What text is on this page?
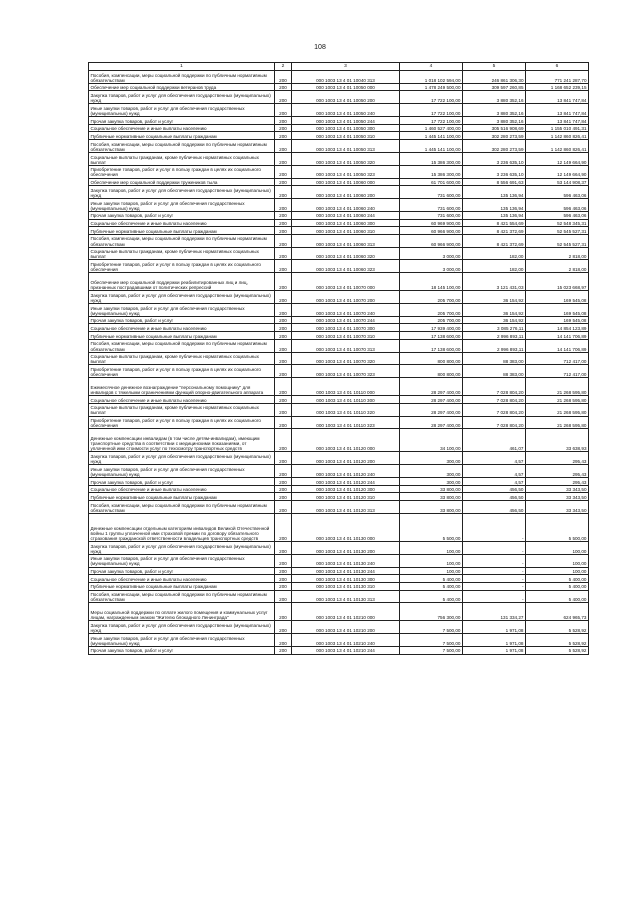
108
1	2	3	4	5	6
Пособия, компенсации, меры социальной поддержки по публичным нормативным обязательствам	200	000 1003 13 4 01 10040 313	1 018 102 594,00	246 861 306,30	771 241 287,70
Обеспечение мер социальной поддержки ветеранов труда	200	000 1003 13 4 01 10050 000	1 478 249 500,00	309 597 260,85	1 168 652 239,15
Закупка товаров, работ и услуг для обеспечения государственных (муниципальных) нужд	200	000 1003 13 4 01 10050 200	17 722 100,00	3 880 352,16	13 841 747,84
Иные закупки товаров, работ и услуг для обеспечения государственных (муниципальных) нужд	200	000 1003 13 4 01 10050 240	17 722 100,00	3 880 352,16	13 841 747,84
Прочая закупка товаров, работ и услуг	200	000 1003 13 4 01 10050 244	17 722 100,00	3 880 352,16	13 841 747,84
Социальное обеспечение и иные выплаты населению	200	000 1003 13 4 01 10050 300	1 460 527 400,00	305 516 908,69	1 155 010 491,31
Публичные нормативные социальные выплаты гражданам	200	000 1003 13 4 01 10050 310	1 445 141 100,00	302 280 273,59	1 142 860 826,41
Пособия, компенсации, меры социальной поддержки по публичным нормативным обязательствам	200	000 1003 13 4 01 10050 313	1 445 141 100,00	302 280 273,59	1 142 860 826,41
Социальные выплаты гражданам, кроме публичных нормативных социальных выплат	200	000 1003 13 4 01 10050 320	15 386 300,00	3 236 635,10	12 149 664,90
Приобретение товаров, работ и услуг в пользу граждан в целях их социального обеспечения	200	000 1003 13 4 01 10050 323	15 386 300,00	3 236 635,10	12 149 664,90
Обеспечение мер социальной поддержки тружеников тыла	200	000 1003 13 4 01 10060 000	61 701 600,00	8 556 691,63	53 144 908,37
Закупка товаров, работ и услуг для обеспечения государственных (муниципальных) нужд	200	000 1003 13 4 01 10060 200	731 600,00	135 136,94	596 463,06
Иные закупки товаров, работ и услуг для обеспечения государственных (муниципальных) нужд	200	000 1003 13 4 01 10060 240	731 600,00	135 136,94	596 463,06
Прочая закупка товаров, работ и услуг	200	000 1003 13 4 01 10060 244	731 600,00	135 136,94	596 463,06
Социальное обеспечение и иные выплаты населению	200	000 1003 13 4 01 10060 300	60 969 900,00	8 421 554,69	52 548 345,31
Публичные нормативные социальные выплаты гражданам	200	000 1003 13 4 01 10060 310	60 966 900,00	8 421 372,69	52 545 527,31
Пособия, компенсации, меры социальной поддержки по публичным нормативным обязательствам	200	000 1003 13 4 01 10060 313	60 966 900,00	8 421 372,69	52 545 527,31
Социальные выплаты гражданам, кроме публичных нормативных социальных выплат	200	000 1003 13 4 01 10060 320	3 000,00	182,00	2 818,00
Приобретение товаров, работ и услуг в пользу граждан в целях их социального обеспечения	200	000 1003 13 4 01 10060 323	3 000,00	182,00	2 818,00
Обеспечение мер социальной поддержки реабилитированных лиц и лиц, признанных пострадавшими от политических репрессий	200	000 1003 13 4 01 10070 000	18 145 100,00	3 121 431,03	15 023 668,97
Закупка товаров, работ и услуг для обеспечения государственных (муниципальных) нужд	200	000 1003 13 4 01 10070 200	205 700,00	36 154,92	169 545,08
Иные закупки товаров, работ и услуг для обеспечения государственных (муниципальных) нужд	200	000 1003 13 4 01 10070 240	205 700,00	36 154,92	169 545,08
Прочая закупка товаров, работ и услуг	200	000 1003 13 4 01 10070 244	205 700,00	36 154,92	169 545,08
Социальное обеспечение и иные выплаты населению	200	000 1003 13 4 01 10070 300	17 939 400,00	3 085 276,11	14 854 123,89
Публичные нормативные социальные выплаты гражданам	200	000 1003 13 4 01 10070 310	17 138 600,00	2 996 893,11	14 141 706,89
Пособия, компенсации, меры социальной поддержки по публичным нормативным обязательствам	200	000 1003 13 4 01 10070 313	17 138 600,00	2 996 893,11	14 141 706,89
Социальные выплаты гражданам, кроме публичных нормативных социальных выплат	200	000 1003 13 4 01 10070 320	800 800,00	88 383,00	712 417,00
Приобретение товаров, работ и услуг в пользу граждан в целях их социального обеспечения	200	000 1003 13 4 01 10070 323	800 800,00	88 383,00	712 417,00
Ежемесячное денежное вознаграждение "персональному помощнику" для инвалидов с тяжелыми ограничениями функций опорно-двигательного аппарата	200	000 1003 13 4 01 10110 000	28 297 400,00	7 028 804,20	21 268 595,80
Социальное обеспечение и иные выплаты населению	200	000 1003 13 4 01 10110 300	28 297 400,00	7 028 804,20	21 268 595,80
Социальные выплаты гражданам, кроме публичных нормативных социальных выплат	200	000 1003 13 4 01 10110 320	28 297 400,00	7 028 804,20	21 268 595,80
Приобретение товаров, работ и услуг в пользу граждан в целях их социального обеспечения	200	000 1003 13 4 01 10110 323	28 297 400,00	7 028 804,20	21 268 595,80
Денежные компенсации инвалидам (в том числе детям-инвалидам), имеющим транспортные средства в соответствии с медицинскими показаниями, от уплаченной ими стоимости услуг по техосмотру транспортных средств	200	000 1003 13 4 01 10120 000	34 100,00	461,07	33 638,93
Закупка товаров, работ и услуг для обеспечения государственных (муниципальных) нужд	200	000 1003 13 4 01 10120 200	300,00	4,57	295,43
Иные закупки товаров, работ и услуг для обеспечения государственных (муниципальных) нужд	200	000 1003 13 4 01 10120 240	300,00	4,57	295,43
Прочая закупка товаров, работ и услуг	200	000 1003 13 4 01 10120 244	300,00	4,57	295,43
Социальное обеспечение и иные выплаты населению	200	000 1003 13 4 01 10120 300	33 800,00	456,50	33 343,50
Публичные нормативные социальные выплаты гражданам	200	000 1003 13 4 01 10120 310	33 800,00	456,50	33 343,50
Пособия, компенсации, меры социальной поддержки по публичным нормативным обязательствам	200	000 1003 13 4 01 10120 313	33 800,00	456,50	33 343,50
Денежные компенсации отдельным категориям инвалидов Великой Отечественной войны 1 группы уплаченной ими страховой премии по договору обязательного страхования гражданской ответственности владельцев транспортных средств	200	000 1003 13 4 01 10130 000	5 500,00	-	5 500,00
Закупка товаров, работ и услуг для обеспечения государственных (муниципальных) нужд	200	000 1003 13 4 01 10130 200	100,00	-	100,00
Иные закупки товаров, работ и услуг для обеспечения государственных (муниципальных) нужд	200	000 1003 13 4 01 10130 240	100,00	-	100,00
Прочая закупка товаров, работ и услуг	200	000 1003 13 4 01 10130 244	100,00	-	100,00
Социальное обеспечение и иные выплаты населению	200	000 1003 13 4 01 10130 300	5 400,00	-	5 400,00
Публичные нормативные социальные выплаты гражданам	200	000 1003 13 4 01 10130 310	5 400,00	-	5 400,00
Пособия, компенсации, меры социальной поддержки по публичным нормативным обязательствам	200	000 1003 13 4 01 10130 313	5 400,00	-	5 400,00
Меры социальной поддержки по оплате жилого помещения и коммунальных услуг лицам, награжденным знаком "Жителю блокадного Ленинграда"	200	000 1003 13 4 01 10210 000	756 300,00	131 334,27	624 965,73
Закупка товаров, работ и услуг для обеспечения государственных (муниципальных) нужд	200	000 1003 13 4 01 10210 200	7 500,00	1 971,08	5 528,92
Иные закупки товаров, работ и услуг для обеспечения государственных (муниципальных) нужд	200	000 1003 13 4 01 10210 240	7 500,00	1 971,08	5 528,92
Прочая закупка товаров, работ и услуг	200	000 1003 13 4 01 10210 244	7 500,00	1 971,08	5 528,92
